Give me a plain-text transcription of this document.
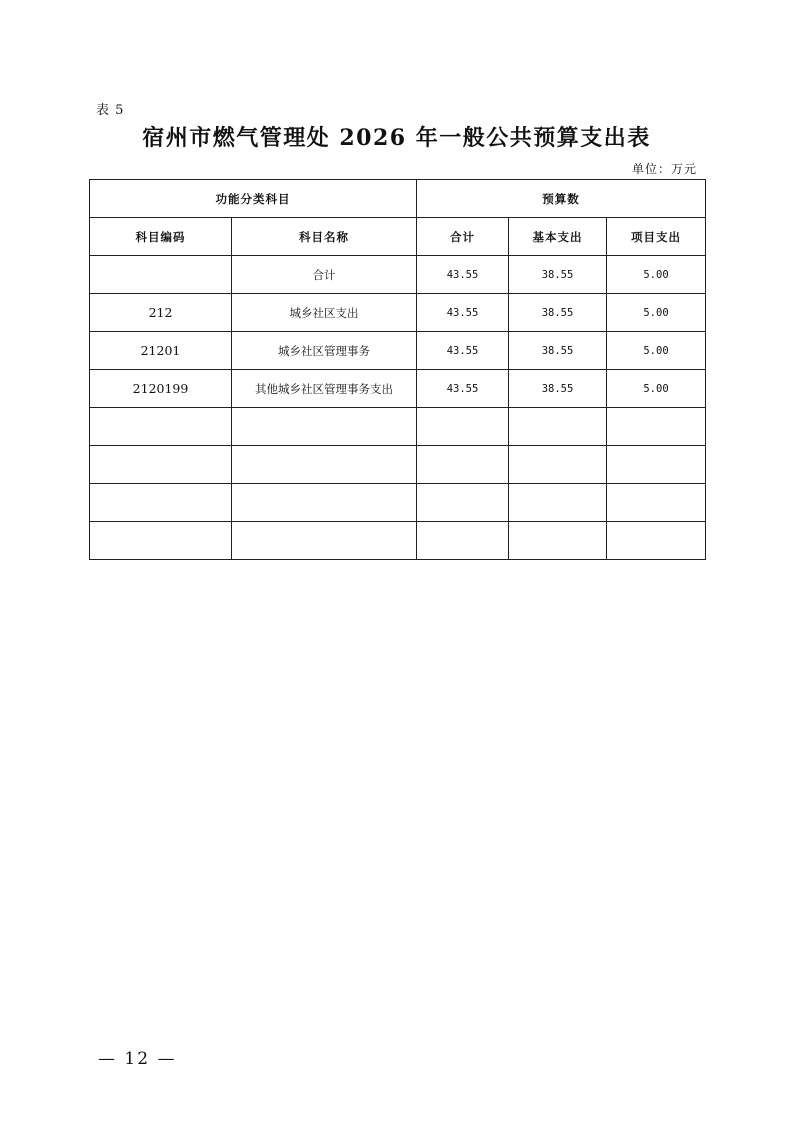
表 5
宿州市燃气管理处 2026 年一般公共预算支出表
单位：万元
功能分类科目		预算数		
科目编码	科目名称	合计	基本支出	项目支出
	合计	43.55	38.55	5.00
212	城乡社区支出	43.55	38.55	5.00
21201	城乡社区管理事务	43.55	38.55	5.00
2120199	其他城乡社区管理事务支出	43.55	38.55	5.00

— 12 —
